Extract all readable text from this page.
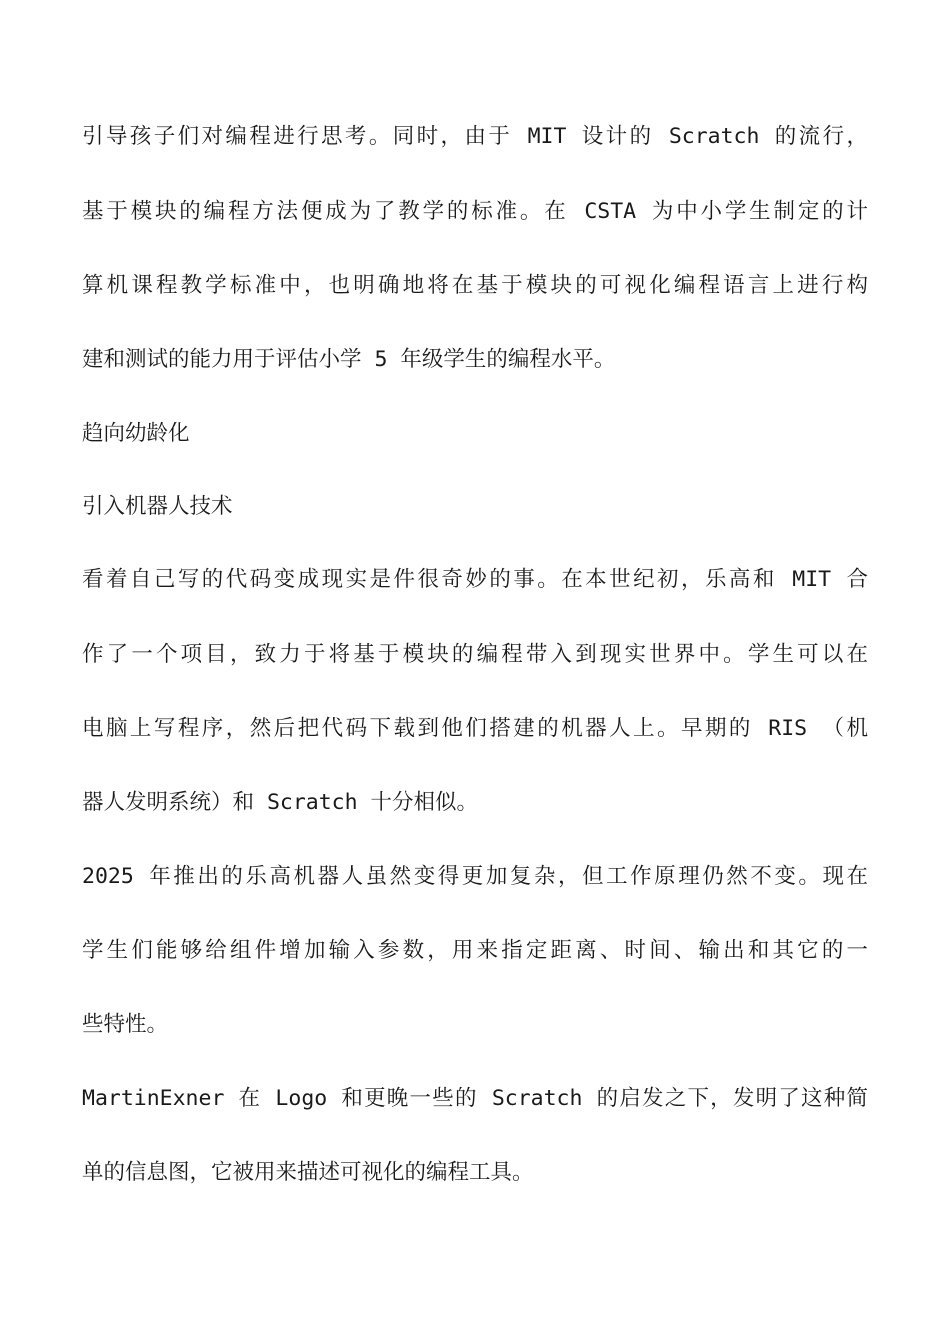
引导孩子们对编程进行思考。同时，由于 MIT 设计的 Scratch 的流行，
基于模块的编程方法便成为了教学的标准。在 CSTA 为中小学生制定的计
算机课程教学标准中，也明确地将在基于模块的可视化编程语言上进行构
建和测试的能力用于评估小学 5 年级学生的编程水平。
趋向幼龄化
引入机器人技术
看着自己写的代码变成现实是件很奇妙的事。在本世纪初，乐高和 MIT 合
作了一个项目，致力于将基于模块的编程带入到现实世界中。学生可以在
电脑上写程序，然后把代码下载到他们搭建的机器人上。早期的 RIS （机
器人发明系统）和 Scratch 十分相似。
2025 年推出的乐高机器人虽然变得更加复杂，但工作原理仍然不变。现在
学生们能够给组件增加输入参数，用来指定距离、时间、输出和其它的一
些特性。
MartinExner 在 Logo 和更晚一些的 Scratch 的启发之下，发明了这种简
单的信息图，它被用来描述可视化的编程工具。
